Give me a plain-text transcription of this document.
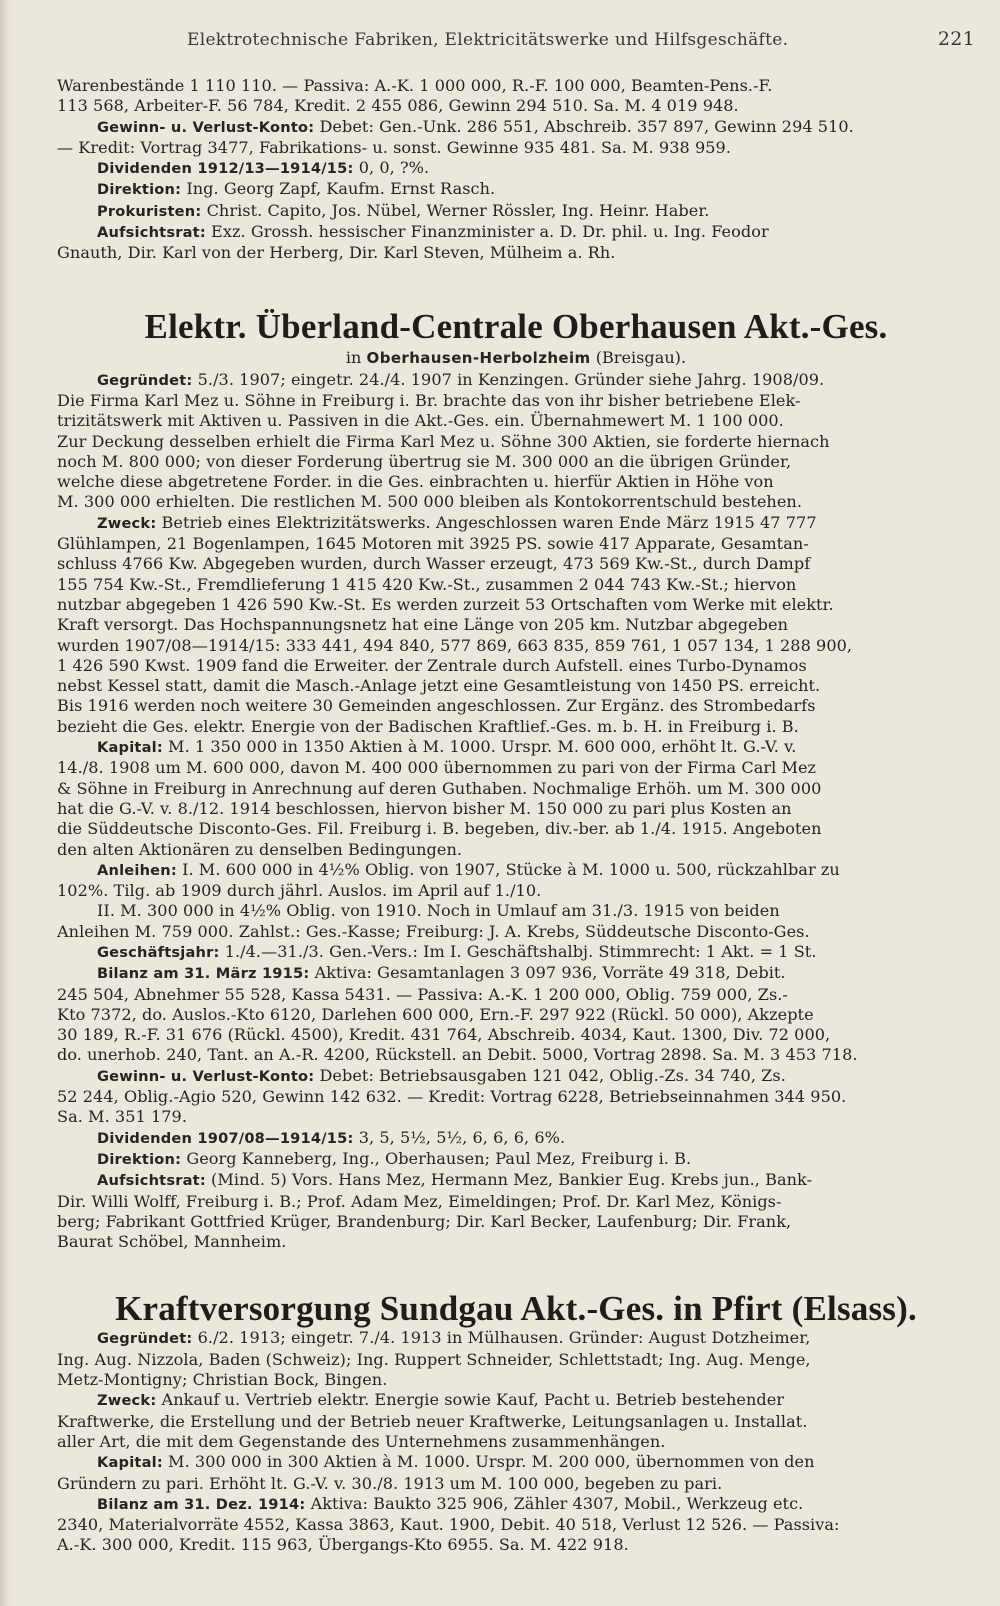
Elektrotechnische Fabriken, Elektricitätswerke und Hilfsgeschäfte.	221

Warenbestände 1 110 110. — Passiva: A.-K. 1 000 000, R.-F. 100 000, Beamten-Pens.-F.

113 568, Arbeiter-F. 56 784, Kredit. 2 455 086, Gewinn 294 510. Sa. M. 4 019 948.

Gewinn- u. Verlust-Konto: Debet: Gen.-Unk. 286 551, Abschreib. 357 897, Gewinn 294 510.

— Kredit: Vortrag 3477, Fabrikations- u. sonst. Gewinne 935 481. Sa. M. 938 959.

Dividenden 1912/13—1914/15: 0, 0, ?%.

Direktion: Ing. Georg Zapf, Kaufm. Ernst Rasch.

Prokuristen: Christ. Capito, Jos. Nübel, Werner Rössler, Ing. Heinr. Haber.

Aufsichtsrat: Exz. Grossh. hessischer Finanzminister a. D. Dr. phil. u. Ing. Feodor

Gnauth, Dir. Karl von der Herberg, Dir. Karl Steven, Mülheim a. Rh.

Elektr. Überland-Centrale Oberhausen Akt.-Ges.
in Oberhausen-Herbolzheim (Breisgau).

Gegründet: 5./3. 1907; eingetr. 24./4. 1907 in Kenzingen. Gründer siehe Jahrg. 1908/09.

Die Firma Karl Mez u. Söhne in Freiburg i. Br. brachte das von ihr bisher betriebene Elek-

trizitätswerk mit Aktiven u. Passiven in die Akt.-Ges. ein. Übernahmewert M. 1 100 000.

Zur Deckung desselben erhielt die Firma Karl Mez u. Söhne 300 Aktien, sie forderte hiernach

noch M. 800 000; von dieser Forderung übertrug sie M. 300 000 an die übrigen Gründer,

welche diese abgetretene Forder. in die Ges. einbrachten u. hierfür Aktien in Höhe von

M. 300 000 erhielten. Die restlichen M. 500 000 bleiben als Kontokorrentschuld bestehen.

Zweck: Betrieb eines Elektrizitätswerks. Angeschlossen waren Ende März 1915 47 777

Glühlampen, 21 Bogenlampen, 1645 Motoren mit 3925 PS. sowie 417 Apparate, Gesamtan-

schluss 4766 Kw. Abgegeben wurden, durch Wasser erzeugt, 473 569 Kw.-St., durch Dampf

155 754 Kw.-St., Fremdlieferung 1 415 420 Kw.-St., zusammen 2 044 743 Kw.-St.; hiervon

nutzbar abgegeben 1 426 590 Kw.-St. Es werden zurzeit 53 Ortschaften vom Werke mit elektr.

Kraft versorgt. Das Hochspannungsnetz hat eine Länge von 205 km. Nutzbar abgegeben

wurden 1907/08—1914/15: 333 441, 494 840, 577 869, 663 835, 859 761, 1 057 134, 1 288 900,

1 426 590 Kwst. 1909 fand die Erweiter. der Zentrale durch Aufstell. eines Turbo-Dynamos

nebst Kessel statt, damit die Masch.-Anlage jetzt eine Gesamtleistung von 1450 PS. erreicht.

Bis 1916 werden noch weitere 30 Gemeinden angeschlossen. Zur Ergänz. des Strombedarfs

bezieht die Ges. elektr. Energie von der Badischen Kraftlief.-Ges. m. b. H. in Freiburg i. B.

Kapital: M. 1 350 000 in 1350 Aktien à M. 1000. Urspr. M. 600 000, erhöht lt. G.-V. v.

14./8. 1908 um M. 600 000, davon M. 400 000 übernommen zu pari von der Firma Carl Mez

& Söhne in Freiburg in Anrechnung auf deren Guthaben. Nochmalige Erhöh. um M. 300 000

hat die G.-V. v. 8./12. 1914 beschlossen, hiervon bisher M. 150 000 zu pari plus Kosten an

die Süddeutsche Disconto-Ges. Fil. Freiburg i. B. begeben, div.-ber. ab 1./4. 1915. Angeboten

den alten Aktionären zu denselben Bedingungen.

Anleihen: I. M. 600 000 in 4½% Oblig. von 1907, Stücke à M. 1000 u. 500, rückzahlbar zu

102%. Tilg. ab 1909 durch jährl. Auslos. im April auf 1./10.

II. M. 300 000 in 4½% Oblig. von 1910. Noch in Umlauf am 31./3. 1915 von beiden

Anleihen M. 759 000. Zahlst.: Ges.-Kasse; Freiburg: J. A. Krebs, Süddeutsche Disconto-Ges.

Geschäftsjahr: 1./4.—31./3. Gen.-Vers.: Im I. Geschäftshalbj. Stimmrecht: 1 Akt. = 1 St.

Bilanz am 31. März 1915: Aktiva: Gesamtanlagen 3 097 936, Vorräte 49 318, Debit.

245 504, Abnehmer 55 528, Kassa 5431. — Passiva: A.-K. 1 200 000, Oblig. 759 000, Zs.-

Kto 7372, do. Auslos.-Kto 6120, Darlehen 600 000, Ern.-F. 297 922 (Rückl. 50 000), Akzepte

30 189, R.-F. 31 676 (Rückl. 4500), Kredit. 431 764, Abschreib. 4034, Kaut. 1300, Div. 72 000,

do. unerhob. 240, Tant. an A.-R. 4200, Rückstell. an Debit. 5000, Vortrag 2898. Sa. M. 3 453 718.

Gewinn- u. Verlust-Konto: Debet: Betriebsausgaben 121 042, Oblig.-Zs. 34 740, Zs.

52 244, Oblig.-Agio 520, Gewinn 142 632. — Kredit: Vortrag 6228, Betriebseinnahmen 344 950.

Sa. M. 351 179.

Dividenden 1907/08—1914/15: 3, 5, 5½, 5½, 6, 6, 6, 6%.

Direktion: Georg Kanneberg, Ing., Oberhausen; Paul Mez, Freiburg i. B.

Aufsichtsrat: (Mind. 5) Vors. Hans Mez, Hermann Mez, Bankier Eug. Krebs jun., Bank-

Dir. Willi Wolff, Freiburg i. B.; Prof. Adam Mez, Eimeldingen; Prof. Dr. Karl Mez, Königs-

berg; Fabrikant Gottfried Krüger, Brandenburg; Dir. Karl Becker, Laufenburg; Dir. Frank,

Baurat Schöbel, Mannheim.

Kraftversorgung Sundgau Akt.-Ges. in Pfirt (Elsass).

Gegründet: 6./2. 1913; eingetr. 7./4. 1913 in Mülhausen. Gründer: August Dotzheimer,

Ing. Aug. Nizzola, Baden (Schweiz); Ing. Ruppert Schneider, Schlettstadt; Ing. Aug. Menge,

Metz-Montigny; Christian Bock, Bingen.

Zweck: Ankauf u. Vertrieb elektr. Energie sowie Kauf, Pacht u. Betrieb bestehender

Kraftwerke, die Erstellung und der Betrieb neuer Kraftwerke, Leitungsanlagen u. Installat.

aller Art, die mit dem Gegenstande des Unternehmens zusammenhängen.

Kapital: M. 300 000 in 300 Aktien à M. 1000. Urspr. M. 200 000, übernommen von den

Gründern zu pari. Erhöht lt. G.-V. v. 30./8. 1913 um M. 100 000, begeben zu pari.

Bilanz am 31. Dez. 1914: Aktiva: Baukto 325 906, Zähler 4307, Mobil., Werkzeug etc.

2340, Materialvorräte 4552, Kassa 3863, Kaut. 1900, Debit. 40 518, Verlust 12 526. — Passiva:

A.-K. 300 000, Kredit. 115 963, Übergangs-Kto 6955. Sa. M. 422 918.
